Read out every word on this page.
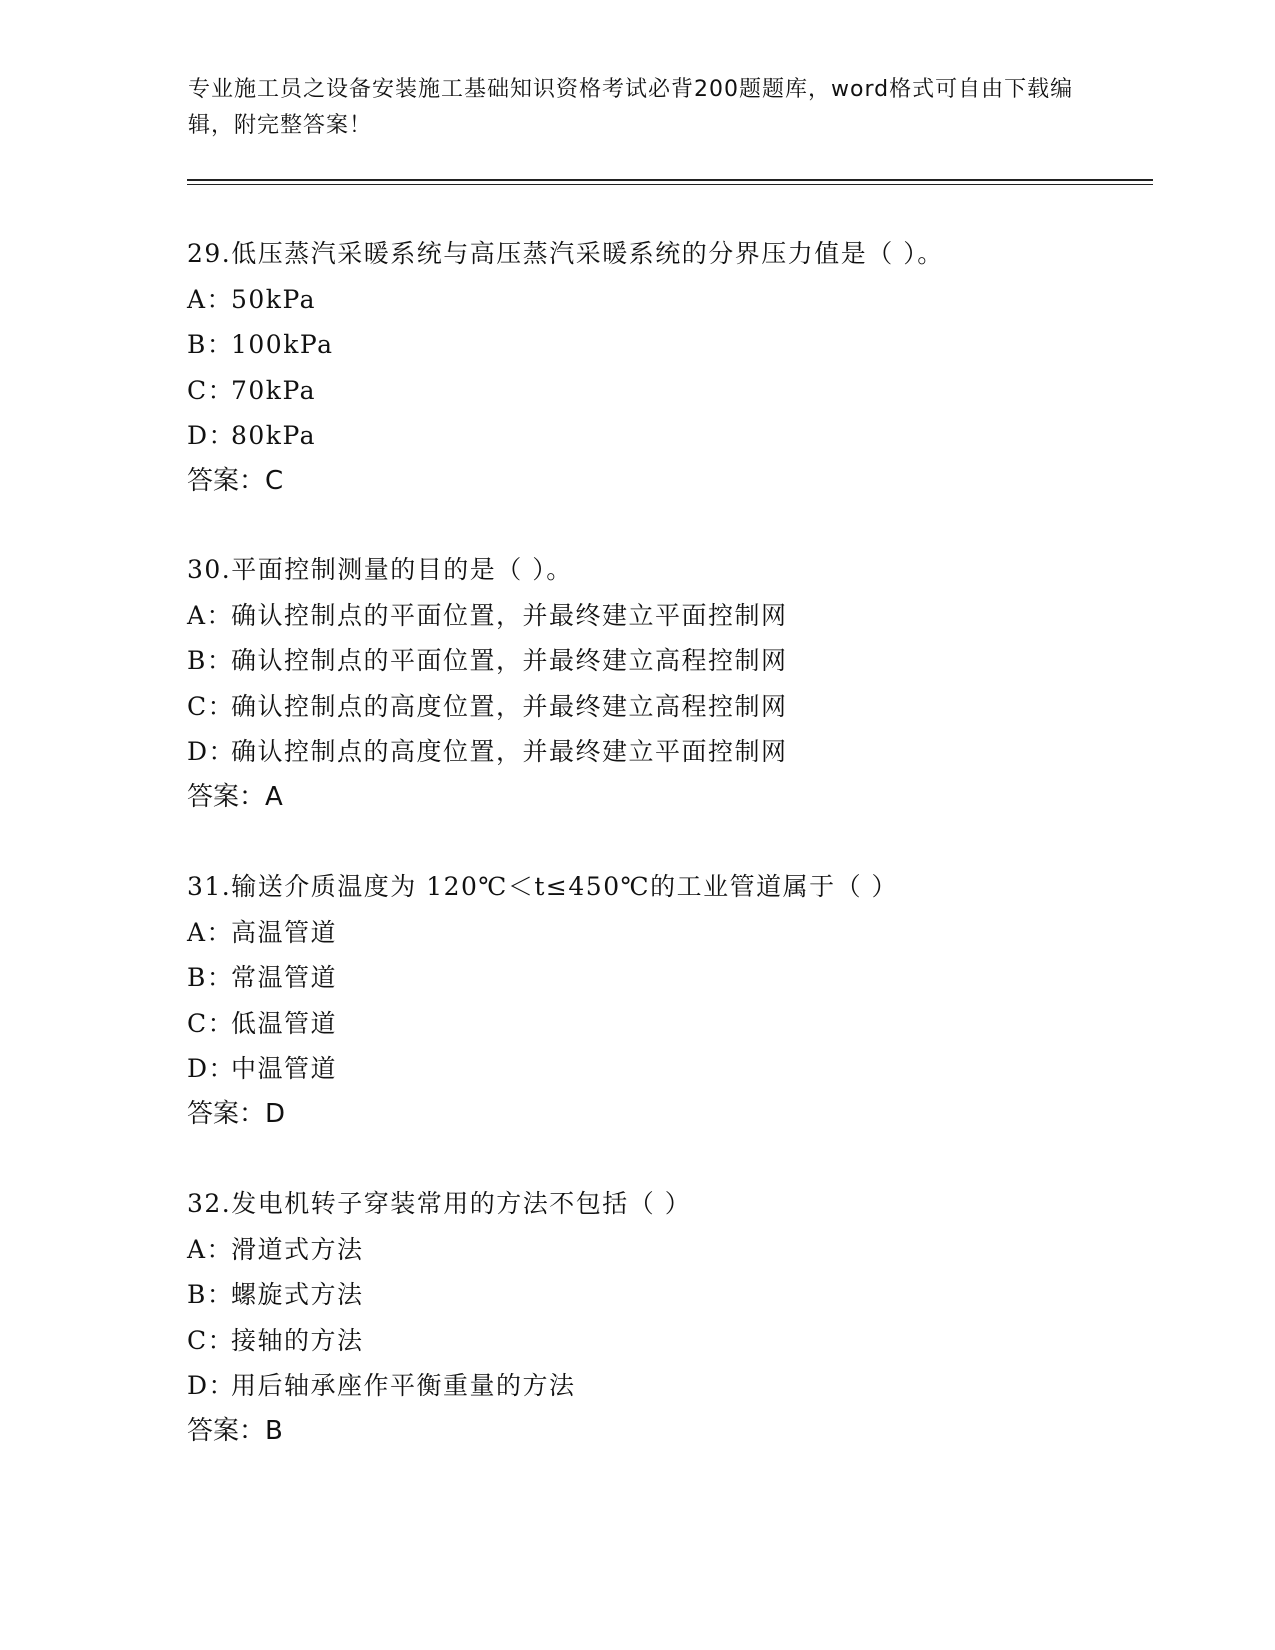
专业施工员之设备安装施工基础知识资格考试必背200题题库，word格式可自由下载编辑，附完整答案！
29.低压蒸汽采暖系统与高压蒸汽采暖系统的分界压力值是（ ）。
A：50kPa
B：100kPa
C：70kPa
D：80kPa
答案：C
30.平面控制测量的目的是（ ）。
A：确认控制点的平面位置，并最终建立平面控制网
B：确认控制点的平面位置，并最终建立高程控制网
C：确认控制点的高度位置，并最终建立高程控制网
D：确认控制点的高度位置，并最终建立平面控制网
答案：A
31.输送介质温度为 120℃＜t≤450℃的工业管道属于（ ）
A：高温管道
B：常温管道
C：低温管道
D：中温管道
答案：D
32.发电机转子穿装常用的方法不包括（ ）
A：滑道式方法
B：螺旋式方法
C：接轴的方法
D：用后轴承座作平衡重量的方法
答案：B
